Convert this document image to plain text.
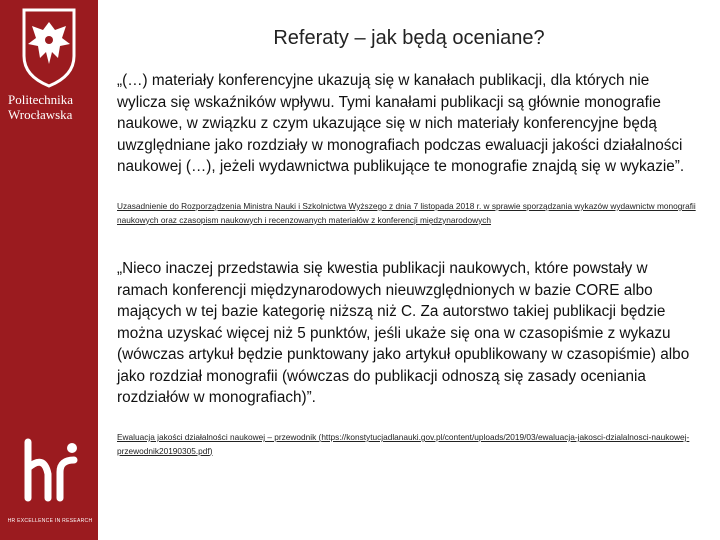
Politechnika
Wrocławska
HR EXCELLENCE IN RESEARCH
Referaty – jak będą oceniane?
„(…) materiały konferencyjne ukazują się w kanałach publikacji, dla których nie wylicza się wskaźników wpływu. Tymi kanałami publikacji są głównie monografie naukowe, w związku z czym ukazujące się w nich materiały konferencyjne będą uwzględniane jako rozdziały w monografiach podczas ewaluacji jakości działalności naukowej (…), jeżeli wydawnictwa publikujące te monografie znajdą się w wykazie”.
Uzasadnienie do Rozporządzenia Ministra Nauki i Szkolnictwa Wyższego z dnia 7 listopada 2018 r. w sprawie sporządzania wykazów wydawnictw monografii naukowych oraz czasopism naukowych i recenzowanych materiałów z konferencji międzynarodowych
„Nieco inaczej przedstawia się kwestia publikacji naukowych, które powstały w ramach konferencji międzynarodowych nieuwzględnionych w bazie CORE albo mających w tej bazie kategorię niższą niż C. Za autorstwo takiej publikacji będzie można uzyskać więcej niż 5 punktów, jeśli ukaże się ona w czasopiśmie z wykazu (wówczas artykuł będzie punktowany jako artykuł opublikowany w czasopiśmie) albo jako rozdział monografii (wówczas do publikacji odnoszą się zasady oceniania rozdziałów w monografiach)”.
Ewaluacja jakości działalności naukowej – przewodnik (https://konstytucjadlanauki.gov.pl/content/uploads/2019/03/ewaluacja-jakosci-dzialalnosci-naukowej-przewodnik20190305.pdf)
